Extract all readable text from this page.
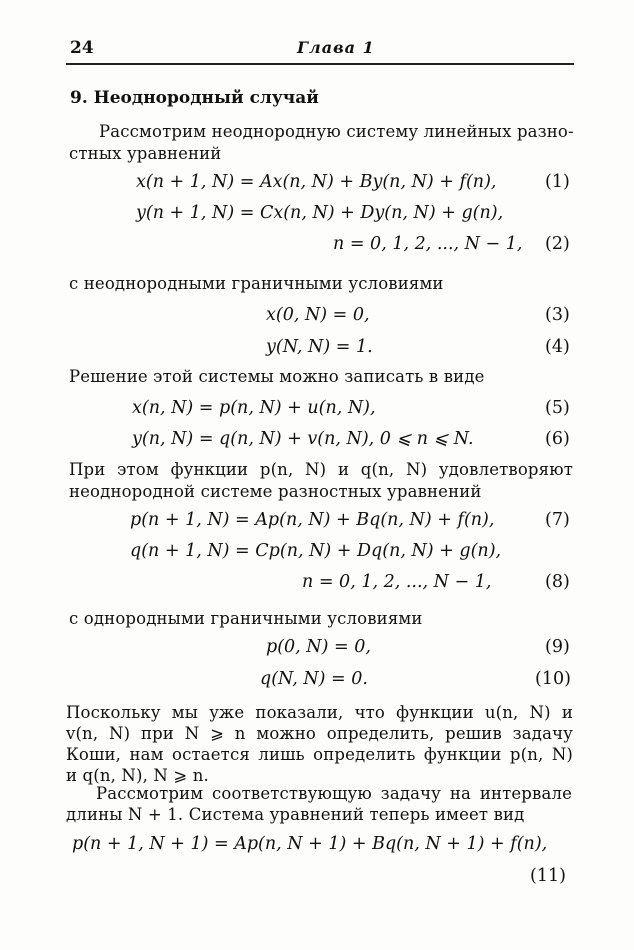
24	Глава 1
9. Неоднородный случай
Рассмотрим неоднородную систему линейных разно-
стных уравнений
x(n + 1, N) = Ax(n, N) + By(n, N) + f(n),	(1)
y(n + 1, N) = Cx(n, N) + Dy(n, N) + g(n),
n = 0, 1, 2, ..., N − 1, (2)
с неоднородными граничными условиями
x(0, N) = 0,	(3)
y(N, N) = 1.	(4)
Решение этой системы можно записать в виде
x(n, N) = p(n, N) + u(n, N),	(5)
y(n, N) = q(n, N) + v(n, N), 0 ⩽ n ⩽ N.	(6)
При этом функции p(n, N) и q(n, N) удовлетворяют
неоднородной системе разностных уравнений
p(n + 1, N) = Ap(n, N) + Bq(n, N) + f(n),	(7)
q(n + 1, N) = Cp(n, N) + Dq(n, N) + g(n),
n = 0, 1, 2, ..., N − 1,	(8)
с однородными граничными условиями
p(0, N) = 0,	(9)
q(N, N) = 0.	(10)
Поскольку мы уже показали, что функции u(n, N) и
v(n, N) при N ⩾ n можно определить, решив задачу
Коши, нам остается лишь определить функции p(n, N)
и q(n, N), N ⩾ n.
Рассмотрим соответствующую задачу на интервале
длины N + 1. Система уравнений теперь имеет вид
p(n + 1, N + 1) = Ap(n, N + 1) + Bq(n, N + 1) + f(n),
(11)
